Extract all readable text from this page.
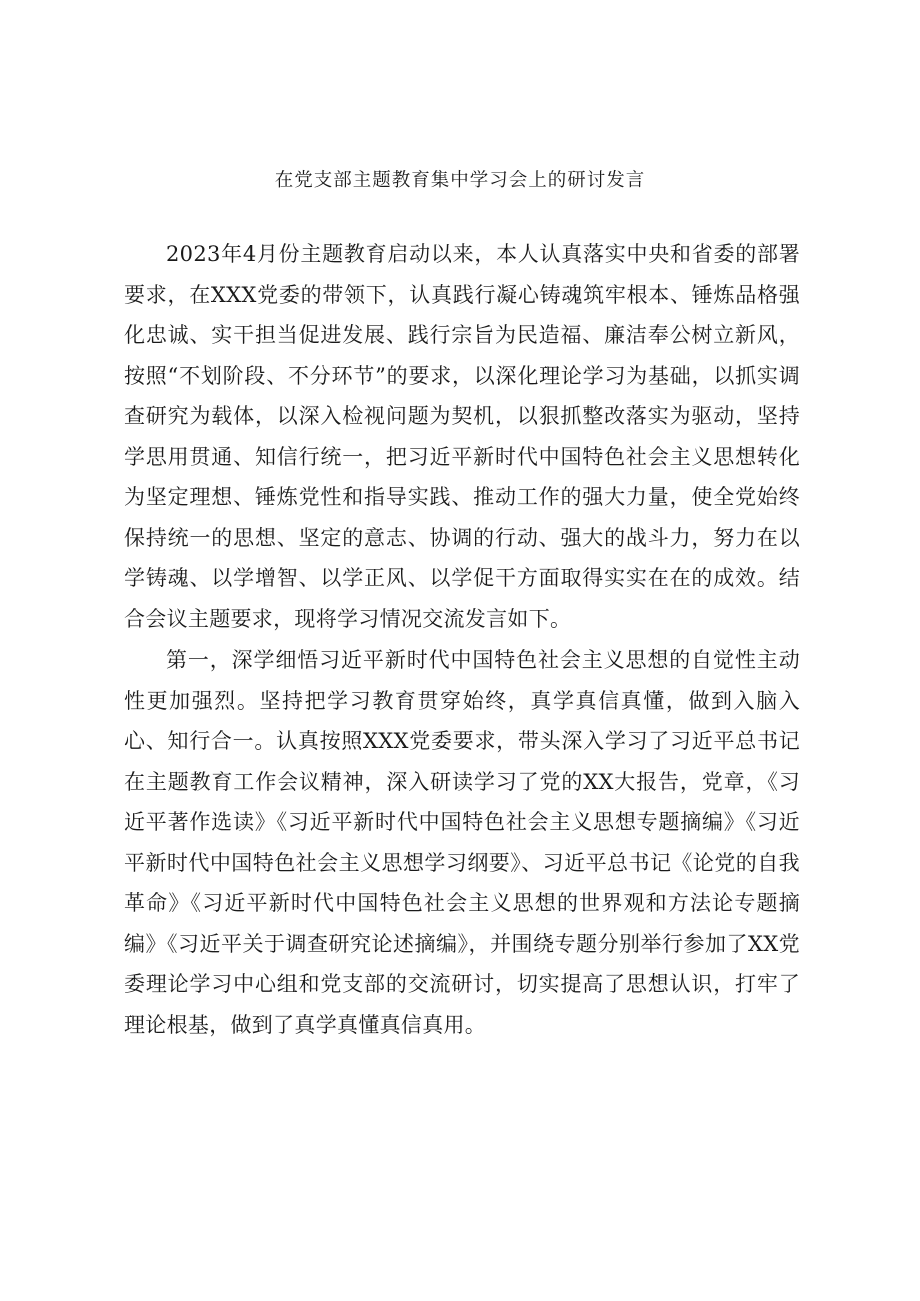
在党支部主题教育集中学习会上的研讨发言

2023年4月份主题教育启动以来，本人认真落实中央和省委的部署要求，在XXX党委的带领下，认真践行凝心铸魂筑牢根本、锤炼品格强化忠诚、实干担当促进发展、践行宗旨为民造福、廉洁奉公树立新风，按照“不划阶段、不分环节”的要求，以深化理论学习为基础，以抓实调查研究为载体，以深入检视问题为契机，以狠抓整改落实为驱动，坚持学思用贯通、知信行统一，把习近平新时代中国特色社会主义思想转化为坚定理想、锤炼党性和指导实践、推动工作的强大力量，使全党始终保持统一的思想、坚定的意志、协调的行动、强大的战斗力，努力在以学铸魂、以学增智、以学正风、以学促干方面取得实实在在的成效。结合会议主题要求，现将学习情况交流发言如下。

第一，深学细悟习近平新时代中国特色社会主义思想的自觉性主动性更加强烈。坚持把学习教育贯穿始终，真学真信真懂，做到入脑入心、知行合一。认真按照XXX党委要求，带头深入学习了习近平总书记在主题教育工作会议精神，深入研读学习了党的XX大报告，党章，《习近平著作选读》《习近平新时代中国特色社会主义思想专题摘编》《习近平新时代中国特色社会主义思想学习纲要》、习近平总书记《论党的自我革命》《习近平新时代中国特色社会主义思想的世界观和方法论专题摘编》《习近平关于调查研究论述摘编》，并围绕专题分别举行参加了XX党委理论学习中心组和党支部的交流研讨，切实提高了思想认识，打牢了理论根基，做到了真学真懂真信真用。
